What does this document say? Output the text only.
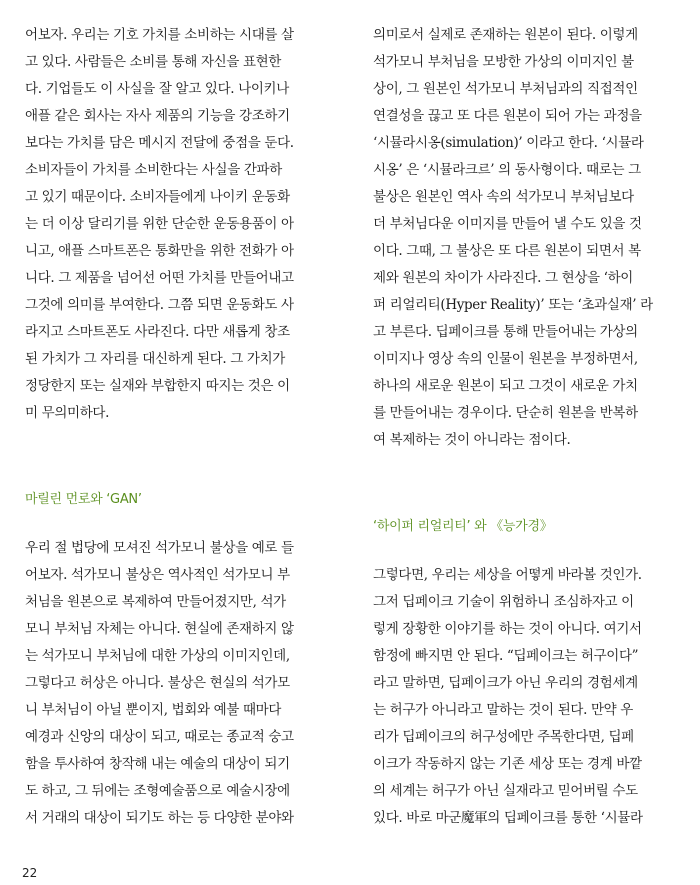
어보자. 우리는 기호 가치를 소비하는 시대를 살
고 있다. 사람들은 소비를 통해 자신을 표현한
다. 기업들도 이 사실을 잘 알고 있다. 나이키나
애플 같은 회사는 자사 제품의 기능을 강조하기
보다는 가치를 담은 메시지 전달에 중점을 둔다.
소비자들이 가치를 소비한다는 사실을 간파하
고 있기 때문이다. 소비자들에게 나이키 운동화
는 더 이상 달리기를 위한 단순한 운동용품이 아
니고, 애플 스마트폰은 통화만을 위한 전화가 아
니다. 그 제품을 넘어선 어떤 가치를 만들어내고
그것에 의미를 부여한다. 그쯤 되면 운동화도 사
라지고 스마트폰도 사라진다. 다만 새롭게 창조
된 가치가 그 자리를 대신하게 된다. 그 가치가
정당한지 또는 실재와 부합한지 따지는 것은 이
미 무의미하다.
마릴린 먼로와 ‘GAN’
우리 절 법당에 모셔진 석가모니 불상을 예로 들
어보자. 석가모니 불상은 역사적인 석가모니 부
처님을 원본으로 복제하여 만들어졌지만, 석가
모니 부처님 자체는 아니다. 현실에 존재하지 않
는 석가모니 부처님에 대한 가상의 이미지인데,
그렇다고 허상은 아니다. 불상은 현실의 석가모
니 부처님이 아닐 뿐이지, 법회와 예불 때마다
예경과 신앙의 대상이 되고, 때로는 종교적 숭고
함을 투사하여 창작해 내는 예술의 대상이 되기
도 하고, 그 뒤에는 조형예술품으로 예술시장에
서 거래의 대상이 되기도 하는 등 다양한 분야와
의미로서 실제로 존재하는 원본이 된다. 이렇게
석가모니 부처님을 모방한 가상의 이미지인 불
상이, 그 원본인 석가모니 부처님과의 직접적인
연결성을 끊고 또 다른 원본이 되어 가는 과정을
‘시뮬라시옹(simulation)’ 이라고 한다. ‘시뮬라
시옹’ 은 ‘시뮬라크르’ 의 동사형이다. 때로는 그
불상은 원본인 역사 속의 석가모니 부처님보다
더 부처님다운 이미지를 만들어 낼 수도 있을 것
이다. 그때, 그 불상은 또 다른 원본이 되면서 복
제와 원본의 차이가 사라진다. 그 현상을 ‘하이
퍼 리얼리티(Hyper Reality)’ 또는 ‘초과실재’ 라
고 부른다. 딥페이크를 통해 만들어내는 가상의
이미지나 영상 속의 인물이 원본을 부정하면서,
하나의 새로운 원본이 되고 그것이 새로운 가치
를 만들어내는 경우이다. 단순히 원본을 반복하
여 복제하는 것이 아니라는 점이다.
‘하이퍼 리얼리티’ 와 《능가경》
그렇다면, 우리는 세상을 어떻게 바라볼 것인가.
그저 딥페이크 기술이 위험하니 조심하자고 이
렇게 장황한 이야기를 하는 것이 아니다. 여기서
함정에 빠지면 안 된다. “딥페이크는 허구이다”
라고 말하면, 딥페이크가 아닌 우리의 경험세계
는 허구가 아니라고 말하는 것이 된다. 만약 우
리가 딥페이크의 허구성에만 주목한다면, 딥페
이크가 작동하지 않는 기존 세상 또는 경계 바깥
의 세계는 허구가 아닌 실재라고 믿어버릴 수도
있다. 바로 마군魔軍의 딥페이크를 통한 ‘시뮬라
22
